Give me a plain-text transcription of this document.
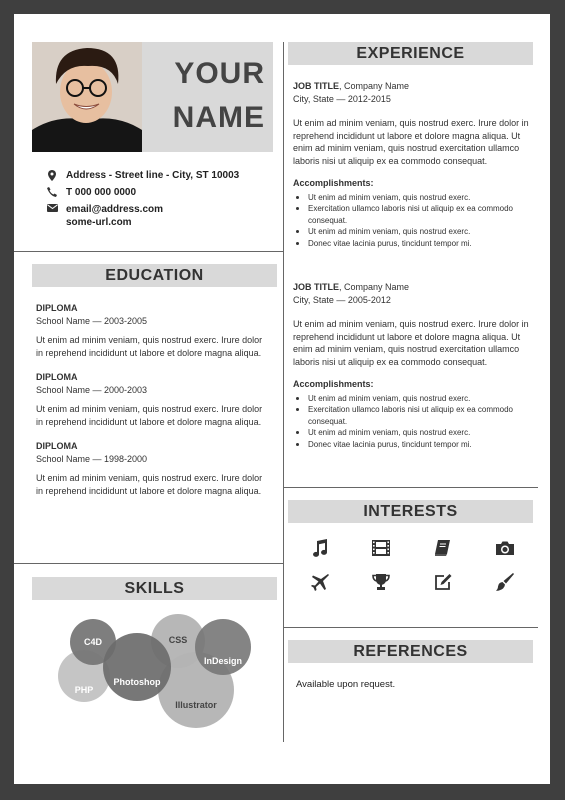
YOUR
NAME
Address - Street line - City, ST 10003
T 000 000 0000
email@address.com
some-url.com
EDUCATION
DIPLOMA
School Name — 2003-2005
Ut enim ad minim veniam, quis nostrud exerc. Irure dolor in reprehend incididunt ut labore et dolore magna aliqua.
DIPLOMA
School Name — 2000-2003
Ut enim ad minim veniam, quis nostrud exerc. Irure dolor in reprehend incididunt ut labore et dolore magna aliqua.
DIPLOMA
School Name — 1998-2000
Ut enim ad minim veniam, quis nostrud exerc. Irure dolor in reprehend incididunt ut labore et dolore magna aliqua.
SKILLS
C4D	CSS
InDesign
Photoshop
PHP
Illustrator
EXPERIENCE
JOB TITLE, Company Name
City, State — 2012-2015
Ut enim ad minim veniam, quis nostrud exerc. Irure dolor in reprehend incididunt ut labore et dolore magna aliqua. Ut enim ad minim veniam, quis nostrud exercitation ullamco laboris nisi ut aliquip ex ea commodo consequat.
Accomplishments:
Ut enim ad minim veniam, quis nostrud exerc.
Exercitation ullamco laboris nisi ut aliquip ex ea commodo consequat.
Ut enim ad minim veniam, quis nostrud exerc.
Donec vitae lacinia purus, tincidunt tempor mi.
JOB TITLE, Company Name
City, State — 2005-2012
Ut enim ad minim veniam, quis nostrud exerc. Irure dolor in reprehend incididunt ut labore et dolore magna aliqua. Ut enim ad minim veniam, quis nostrud exercitation ullamco laboris nisi ut aliquip ex ea commodo consequat.
Accomplishments:
Ut enim ad minim veniam, quis nostrud exerc.
Exercitation ullamco laboris nisi ut aliquip ex ea commodo consequat.
Ut enim ad minim veniam, quis nostrud exerc.
Donec vitae lacinia purus, tincidunt tempor mi.
INTERESTS
REFERENCES
Available upon request.
